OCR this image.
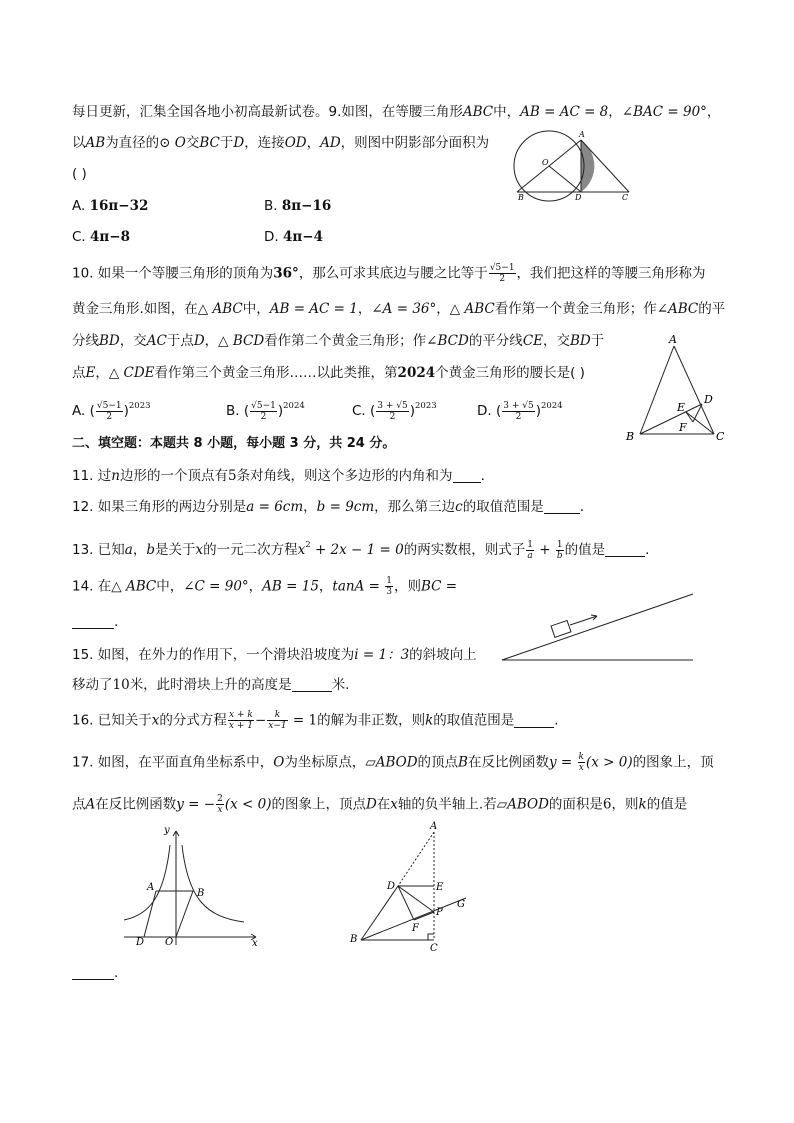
每日更新，汇集全国各地小初高最新试卷。9.如图，在等腰三角形ABC中，AB = AC = 8，∠BAC = 90°，
以AB为直径的⊙ O交BC于D，连接OD，AD，则图中阴影部分面积为
( )
A. 16π−32	B. 8π−16
C. 4π−8	D. 4π−4
A
O
B	D	C
10. 如果一个等腰三角形的顶角为36°，那么可求其底边与腰之比等于 $\frac{√5-1}{2}$ ，我们把这样的等腰三角形称为
黄金三角形.如图，在△ ABC中，AB = AC = 1，∠A = 36°，△ ABC看作第一个黄金三角形；作∠ABC的平
分线BD，交AC于点D，△ BCD看作第二个黄金三角形；作∠BCD的平分线CE，交BD于
点E，△ CDE看作第三个黄金三角形……以此类推，第2024个黄金三角形的腰长是( )
A. ( $\frac{√5-1}{2} )^{2023}$	B. ( $\frac{√5-1}{2} )^{2024}$	C. ( $\frac{3 + √5}{2} )^{2023}$	D. ( $\frac{3 + √5}{2} )^{2024}$
A
D
E
F
B	C
二、填空题：本题共 8 小题，每小题 3 分，共 24 分。
11. 过n边形的一个顶点有5条对角线，则这个多边形的内角和为 .
12. 如果三角形的两边分别是a = 6cm，b = 9cm，那么第三边c的取值范围是	.
13. 已知a，b是关于x的一元二次方程$x^2 + 2x - 1 = 0$的两实数根，则式子 $\frac{1}{a} + \frac{1}{b}$ 的值是	.
14. 在△ ABC中，∠C = 90°，AB = 15，$\tan A = \frac{1}{3}$ ，则BC =
.
15. 如图，在外力的作用下，一个滑块沿坡度为i = 1：3的斜坡向上
移动了10米，此时滑块上升的高度是	米.
16. 已知关于x的分式方程 $\frac{x + k}{x + 1} - \frac{k}{x-1} = 1$的解为非正数，则k的取值范围是	.
17. 如图，在平面直角坐标系中，O为坐标原点，▱ABOD的顶点B在反比例函数$y = \frac{k}{x} (x > 0)$的图象上，顶
点A在反比例函数y = − $\frac{2}{x} (x < 0)$的图象上，顶点D在x轴的负半轴上.若▱ABOD的面积是6，则k的值是
y
A
B
D O	x
A
D	E
G
P
F
B
C
.
